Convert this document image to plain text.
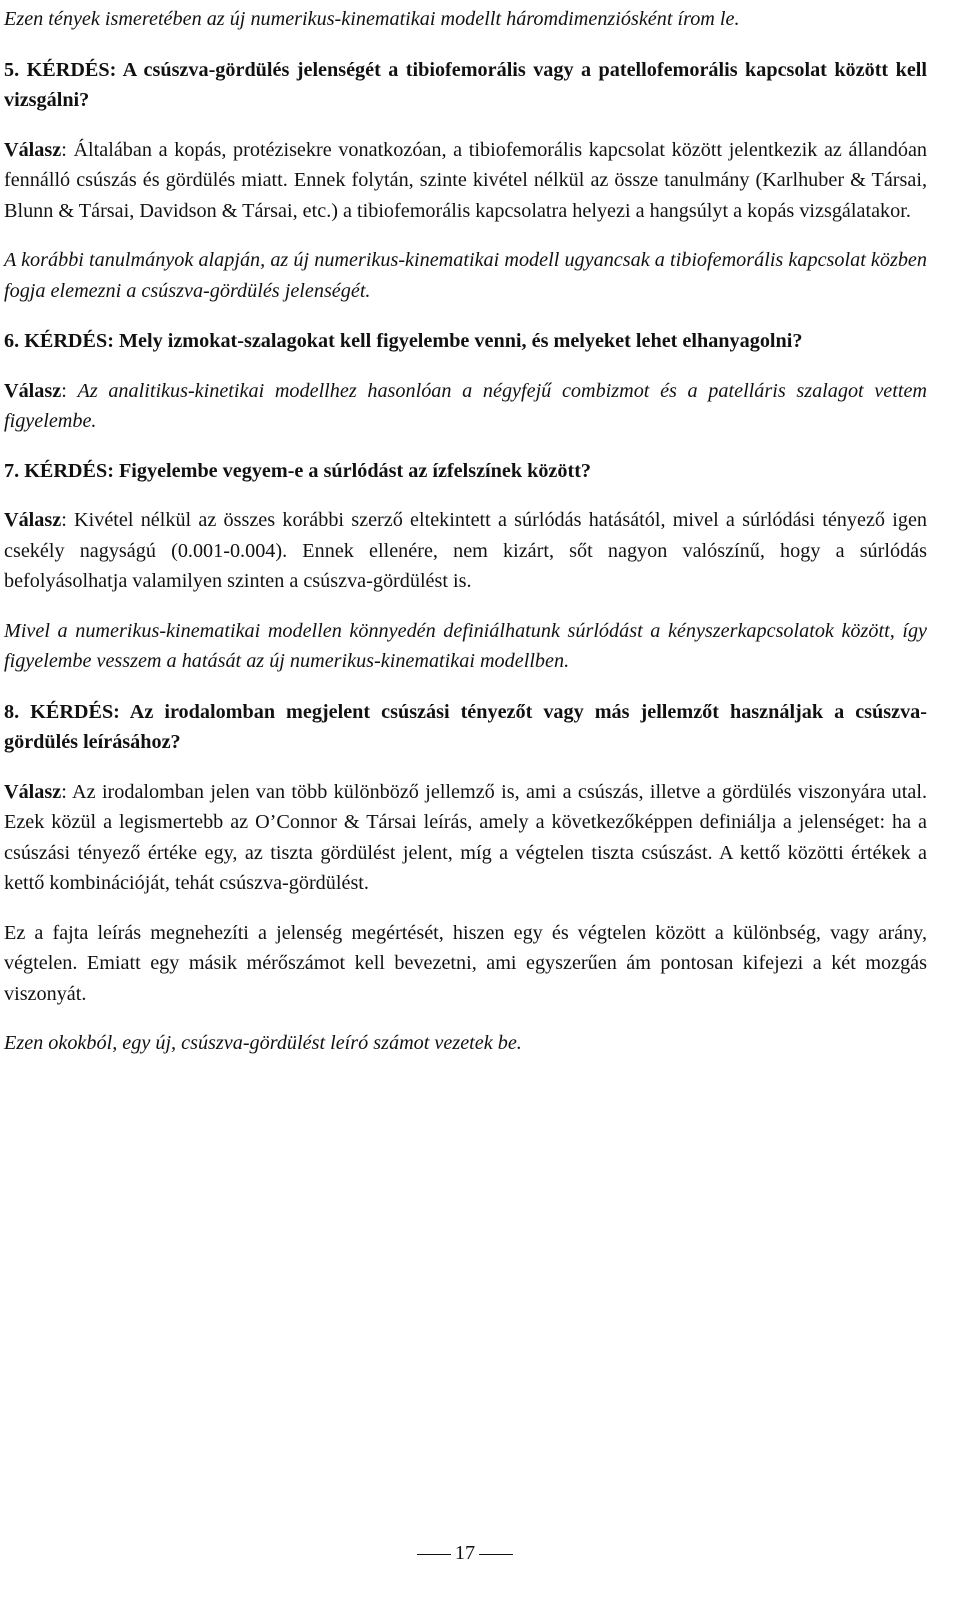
Ezen tények ismeretében az új numerikus-kinematikai modellt háromdimenziósként írom le.

5. KÉRDÉS: A csúszva-gördülés jelenségét a tibiofemorális vagy a patellofemorális kapcsolat között kell vizsgálni?

Válasz: Általában a kopás, protézisekre vonatkozóan, a tibiofemorális kapcsolat között jelentkezik az állandóan fennálló csúszás és gördülés miatt. Ennek folytán, szinte kivétel nélkül az össze tanulmány (Karlhuber & Társai, Blunn & Társai, Davidson & Társai, etc.) a tibiofemorális kapcsolatra helyezi a hangsúlyt a kopás vizsgálatakor.

A korábbi tanulmányok alapján, az új numerikus-kinematikai modell ugyancsak a tibiofemorális kapcsolat közben fogja elemezni a csúszva-gördülés jelenségét.

6. KÉRDÉS: Mely izmokat-szalagokat kell figyelembe venni, és melyeket lehet elhanyagolni?

Válasz: Az analitikus-kinetikai modellhez hasonlóan a négyfejű combizmot és a patelláris szalagot vettem figyelembe.

7. KÉRDÉS: Figyelembe vegyem-e a súrlódást az ízfelszínek között?

Válasz: Kivétel nélkül az összes korábbi szerző eltekintett a súrlódás hatásától, mivel a súrlódási tényező igen csekély nagyságú (0.001-0.004). Ennek ellenére, nem kizárt, sőt nagyon valószínű, hogy a súrlódás befolyásolhatja valamilyen szinten a csúszva-gördülést is.

Mivel a numerikus-kinematikai modellen könnyedén definiálhatunk súrlódást a kényszerkapcsolatok között, így figyelembe vesszem a hatását az új numerikus-kinematikai modellben.

8. KÉRDÉS: Az irodalomban megjelent csúszási tényezőt vagy más jellemzőt használjak a csúszva-gördülés leírásához?

Válasz: Az irodalomban jelen van több különböző jellemző is, ami a csúszás, illetve a gördülés viszonyára utal. Ezek közül a legismertebb az O’Connor & Társai leírás, amely a következőképpen definiálja a jelenséget: ha a csúszási tényező értéke egy, az tiszta gördülést jelent, míg a végtelen tiszta csúszást. A kettő közötti értékek a kettő kombinációját, tehát csúszva-gördülést.

Ez a fajta leírás megnehezíti a jelenség megértését, hiszen egy és végtelen között a különbség, vagy arány, végtelen. Emiatt egy másik mérőszámot kell bevezetni, ami egyszerűen ám pontosan kifejezi a két mozgás viszonyát.

Ezen okokból, egy új, csúszva-gördülést leíró számot vezetek be.

17
